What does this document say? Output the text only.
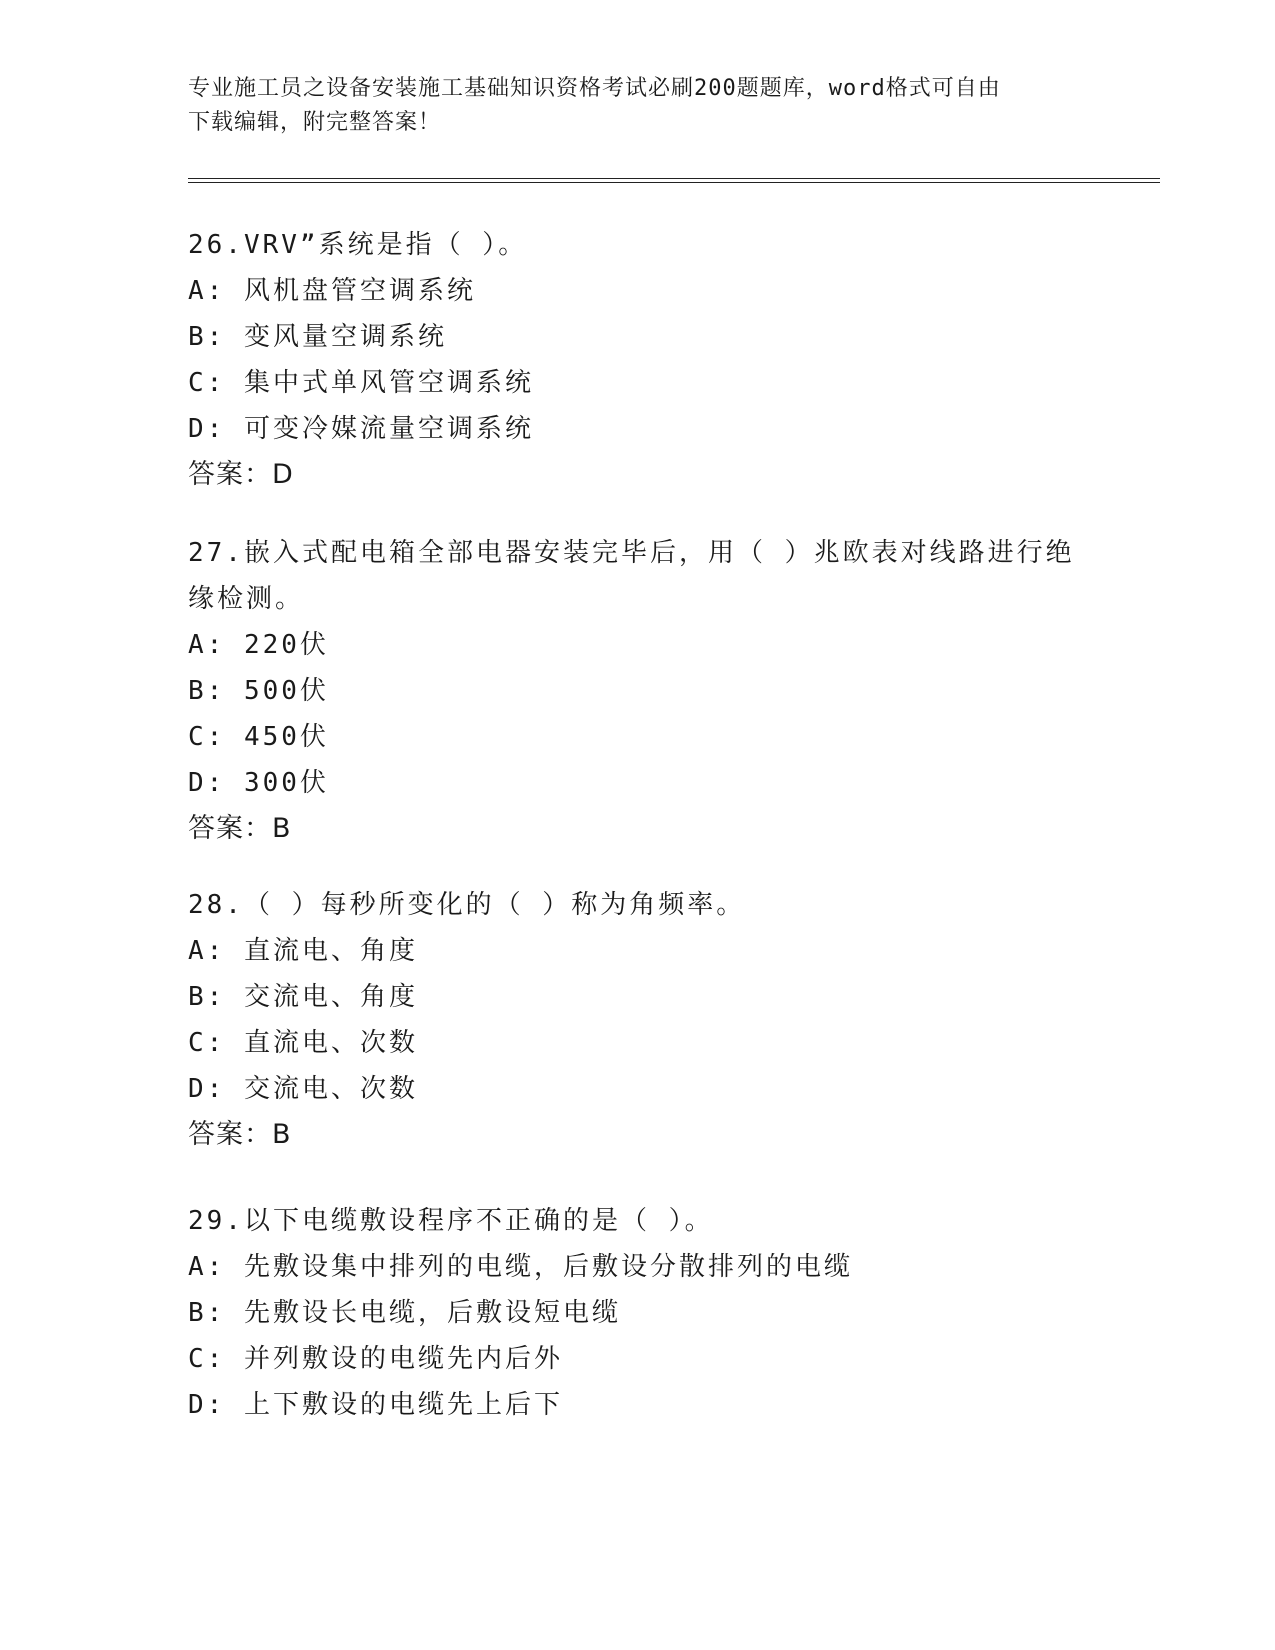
专业施工员之设备安装施工基础知识资格考试必刷200题题库，word格式可自由
下载编辑，附完整答案！
26.VRV”系统是指（ ）。
A: 风机盘管空调系统
B: 变风量空调系统
C: 集中式单风管空调系统
D: 可变冷媒流量空调系统
答案：D
27.嵌入式配电箱全部电器安装完毕后，用（ ）兆欧表对线路进行绝
缘检测。
A: 220伏
B: 500伏
C: 450伏
D: 300伏
答案：B
28.（ ）每秒所变化的（ ）称为角频率。
A: 直流电、角度
B: 交流电、角度
C: 直流电、次数
D: 交流电、次数
答案：B
29.以下电缆敷设程序不正确的是（ ）。
A: 先敷设集中排列的电缆，后敷设分散排列的电缆
B: 先敷设长电缆，后敷设短电缆
C: 并列敷设的电缆先内后外
D: 上下敷设的电缆先上后下
